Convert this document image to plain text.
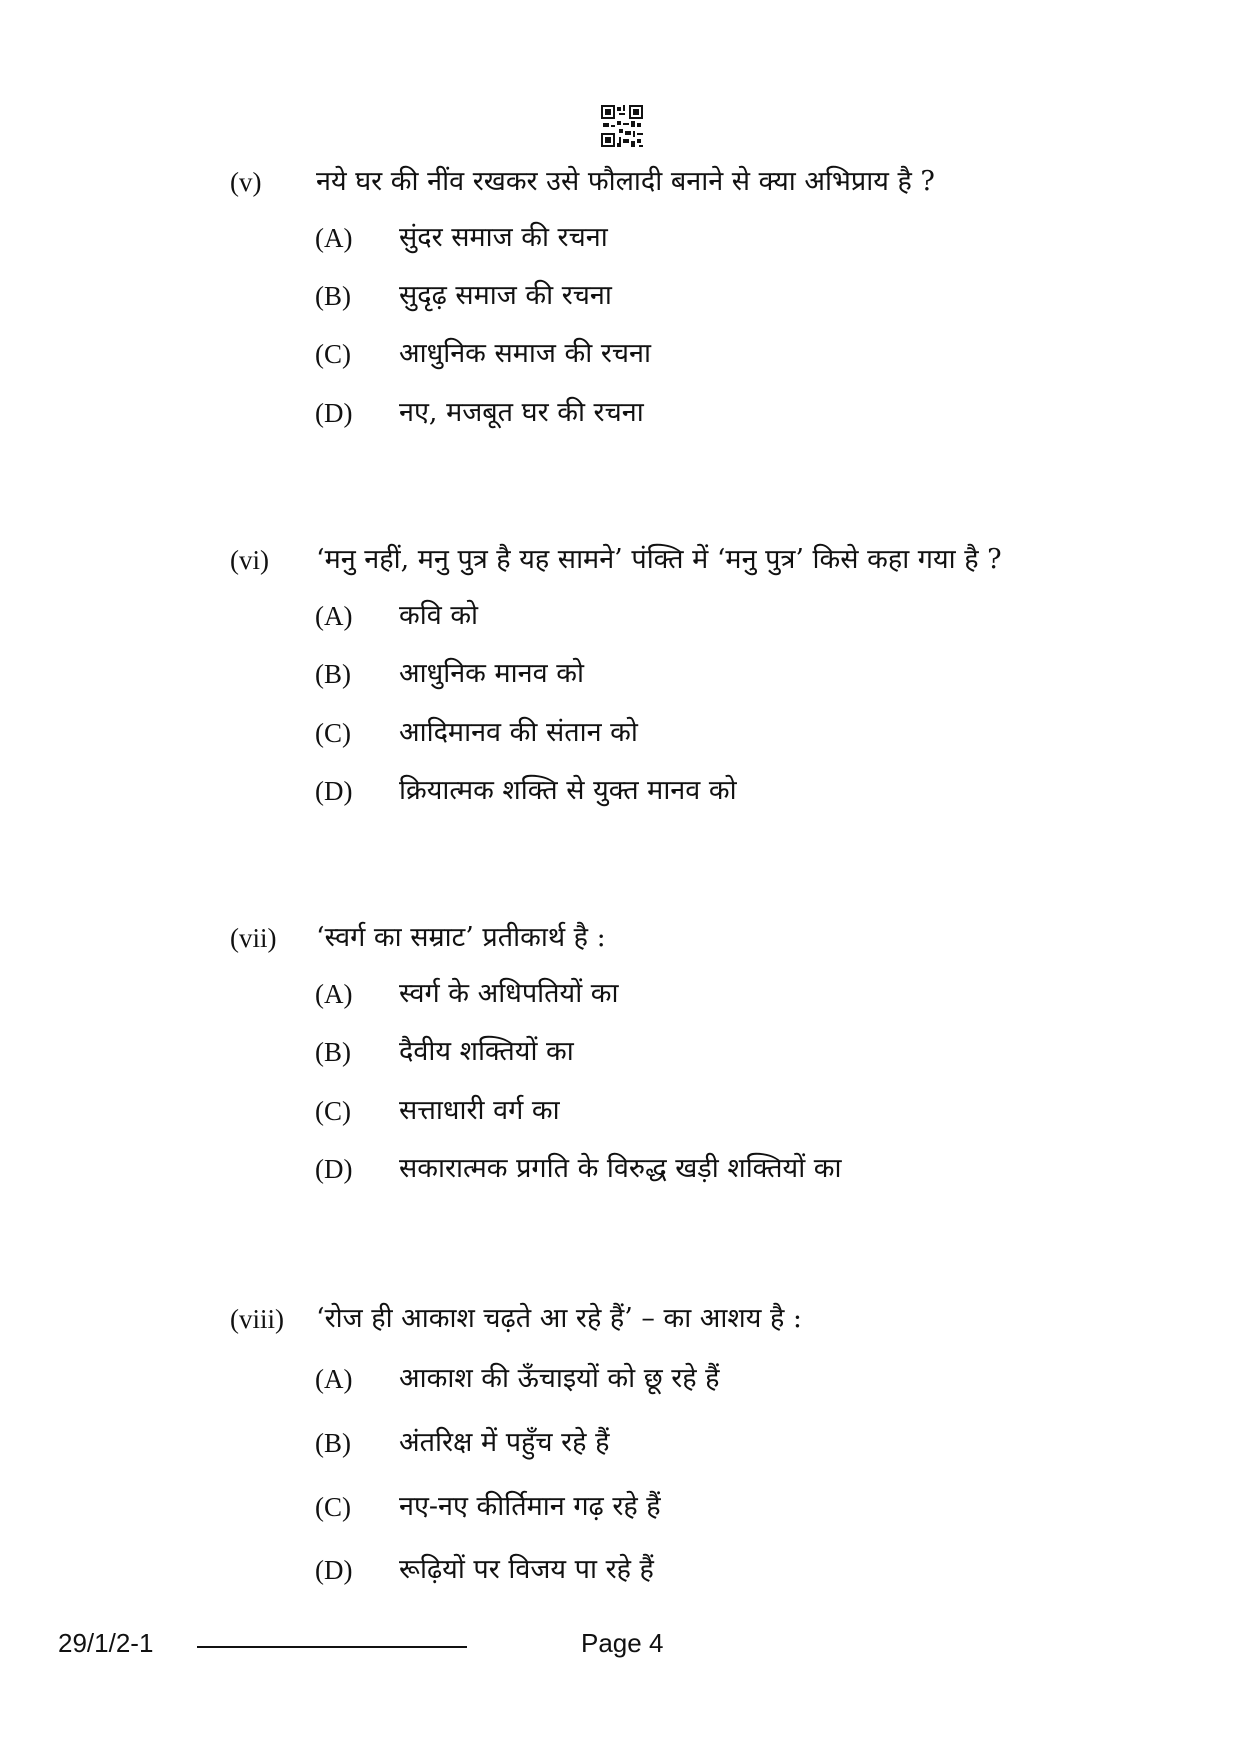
(v) नये घर की नींव रखकर उसे फौलादी बनाने से क्या अभिप्राय है ?
(A) सुंदर समाज की रचना
(B) सुदृढ़ समाज की रचना
(C) आधुनिक समाज की रचना
(D) नए, मजबूत घर की रचना
(vi) ‘मनु नहीं, मनु पुत्र है यह सामने’ पंक्ति में ‘मनु पुत्र’ किसे कहा गया है ?
(A) कवि को
(B) आधुनिक मानव को
(C) आदिमानव की संतान को
(D) क्रियात्मक शक्ति से युक्त मानव को
(vii) ‘स्वर्ग का सम्राट’ प्रतीकार्थ है :
(A) स्वर्ग के अधिपतियों का
(B) दैवीय शक्तियों का
(C) सत्ताधारी वर्ग का
(D) सकारात्मक प्रगति के विरुद्ध खड़ी शक्तियों का
(viii) ‘रोज ही आकाश चढ़ते आ रहे हैं’ – का आशय है :
(A) आकाश की ऊँचाइयों को छू रहे हैं
(B) अंतरिक्ष में पहुँच रहे हैं
(C) नए-नए कीर्तिमान गढ़ रहे हैं
(D) रूढ़ियों पर विजय पा रहे हैं
29/1/2-1	Page 4
